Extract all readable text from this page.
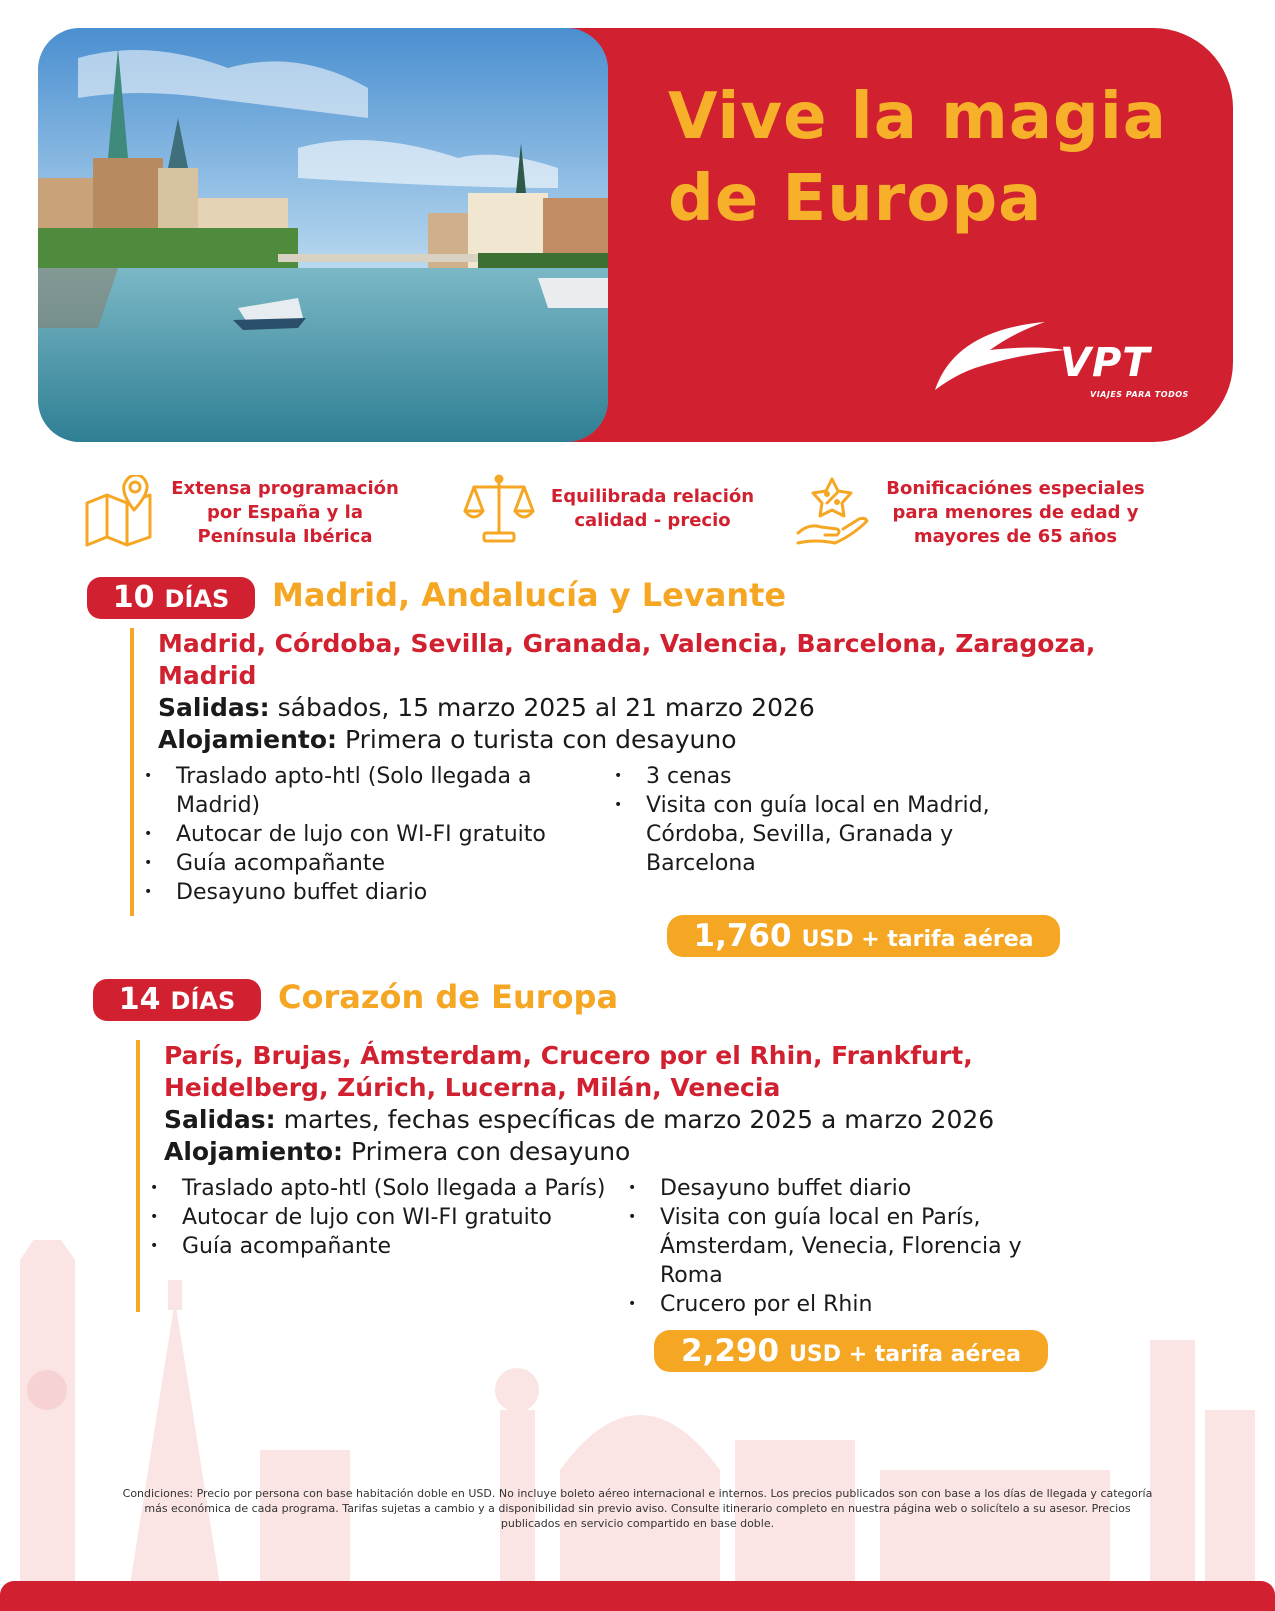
Vive la magia
de Europa
VPT
VIAJES PARA TODOS
Extensa programación
por España y la
Península Ibérica
Equilibrada relación
calidad - precio
Bonificaciónes especiales
para menores de edad y
mayores de 65 años
10 DÍAS Madrid, Andalucía y Levante
Madrid, Córdoba, Sevilla, Granada, Valencia, Barcelona, Zaragoza,
Madrid
Salidas: sábados, 15 marzo 2025 al 21 marzo 2026
Alojamiento: Primera o turista con desayuno
• Traslado apto-htl (Solo llegada a Madrid)
• Autocar de lujo con WI-FI gratuito
• Guía acompañante
• Desayuno buffet diario
• 3 cenas
• Visita con guía local en Madrid, Córdoba, Sevilla, Granada y Barcelona
1,760 USD + tarifa aérea
14 DÍAS Corazón de Europa
París, Brujas, Ámsterdam, Crucero por el Rhin, Frankfurt,
Heidelberg, Zúrich, Lucerna, Milán, Venecia
Salidas: martes, fechas específicas de marzo 2025 a marzo 2026
Alojamiento: Primera con desayuno
• Traslado apto-htl (Solo llegada a París)
• Autocar de lujo con WI-FI gratuito
• Guía acompañante
• Desayuno buffet diario
• Visita con guía local en París, Ámsterdam, Venecia, Florencia y Roma
• Crucero por el Rhin
2,290 USD + tarifa aérea
Condiciones: Precio por persona con base habitación doble en USD. No incluye boleto aéreo internacional e internos. Los precios publicados son con base a los días de llegada y categoría más económica de cada programa. Tarifas sujetas a cambio y a disponibilidad sin previo aviso. Consulte itinerario completo en nuestra página web o solicítelo a su asesor. Precios publicados en servicio compartido en base doble.
